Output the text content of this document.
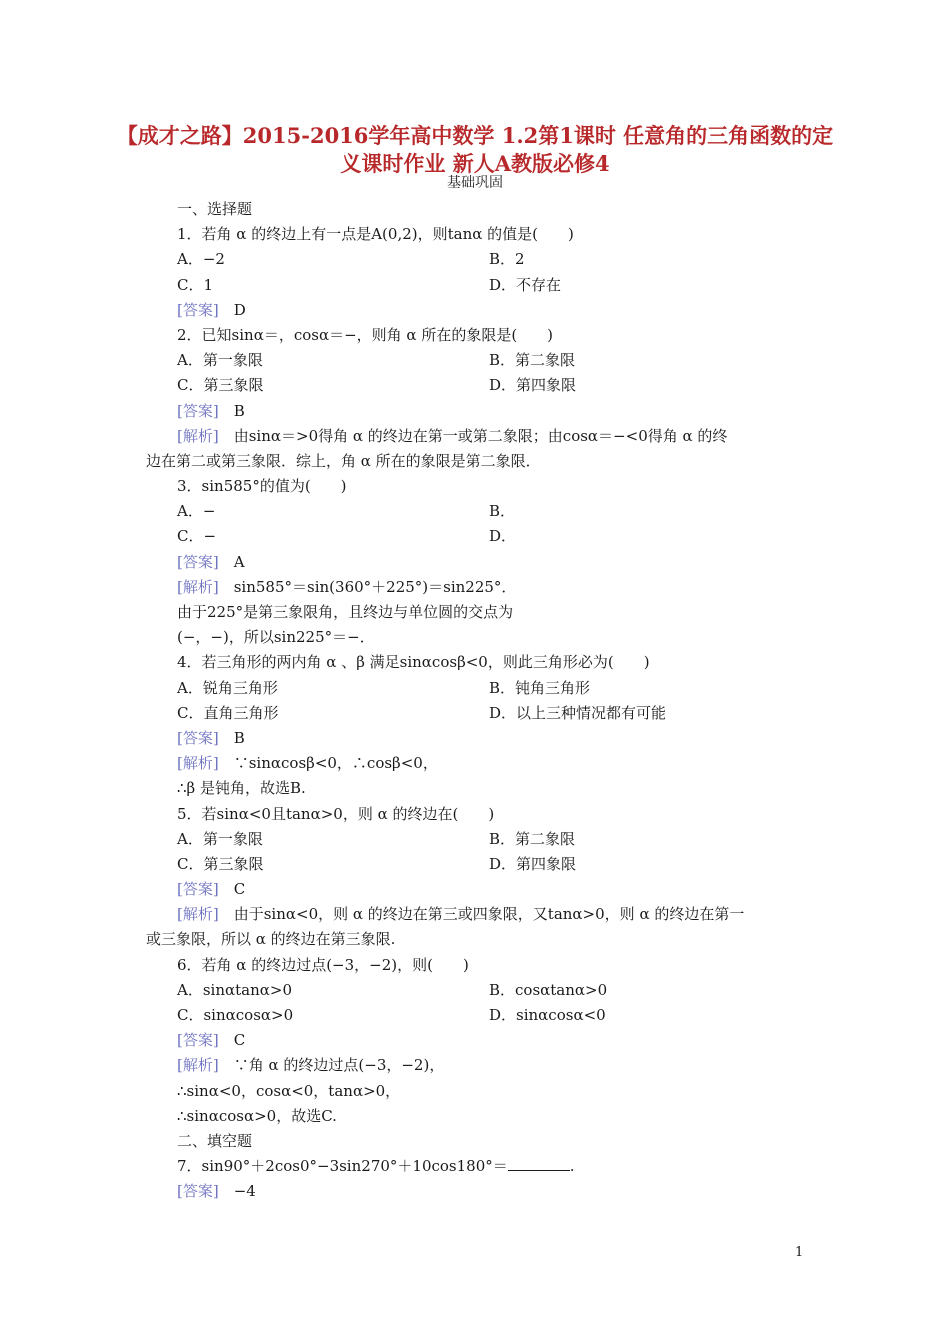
【成才之路】2015-2016学年高中数学 1.2第1课时 任意角的三角函数的定义课时作业 新人A教版必修4
基础巩固
一、选择题
1．若角 α 的终边上有一点是A(0,2)，则tanα 的值是(　　)
A．−2	B．2
C．1	D．不存在
[答案]　 D
2．已知sinα＝，cosα＝−，则角 α 所在的象限是(　　)
A．第一象限	B．第二象限
C．第三象限	D．第四象限
[答案]　 B
[解析]　 由sinα＝>0得角 α 的终边在第一或第二象限；由cosα＝−<0得角 α 的终
边在第二或第三象限．综上，角 α 所在的象限是第二象限．
3．sin585°的值为(　　)
A．−	B．
C．−	D．
[答案]　 A
[解析]　 sin585°＝sin(360°＋225°)＝sin225°．
由于225°是第三象限角，且终边与单位圆的交点为
(−，−)，所以sin225°＝−．
4．若三角形的两内角 α 、β 满足sinαcosβ<0，则此三角形必为(　　)
A．锐角三角形	B．钝角三角形
C．直角三角形	D．以上三种情况都有可能
[答案]　 B
[解析]　 ∵sinαcosβ<0，∴cosβ<0，
∴β 是钝角，故选B.
5．若sinα<0且tanα>0，则 α 的终边在(　　)
A．第一象限	B．第二象限
C．第三象限	D．第四象限
[答案]　 C
[解析]　 由于sinα<0，则 α 的终边在第三或四象限，又tanα>0，则 α 的终边在第一
或三象限，所以 α 的终边在第三象限.
6．若角 α 的终边过点(−3，−2)，则(　　)
A．sinαtanα>0	B．cosαtanα>0
C．sinαcosα>0	D．sinαcosα<0
[答案]　 C
[解析]　 ∵角 α 的终边过点(−3，−2)，
∴sinα<0，cosα<0，tanα>0，
∴sinαcosα>0，故选C.
二、填空题
7．sin90°＋2cos0°−3sin270°＋10cos180°＝	.
[答案]　 −4
1
